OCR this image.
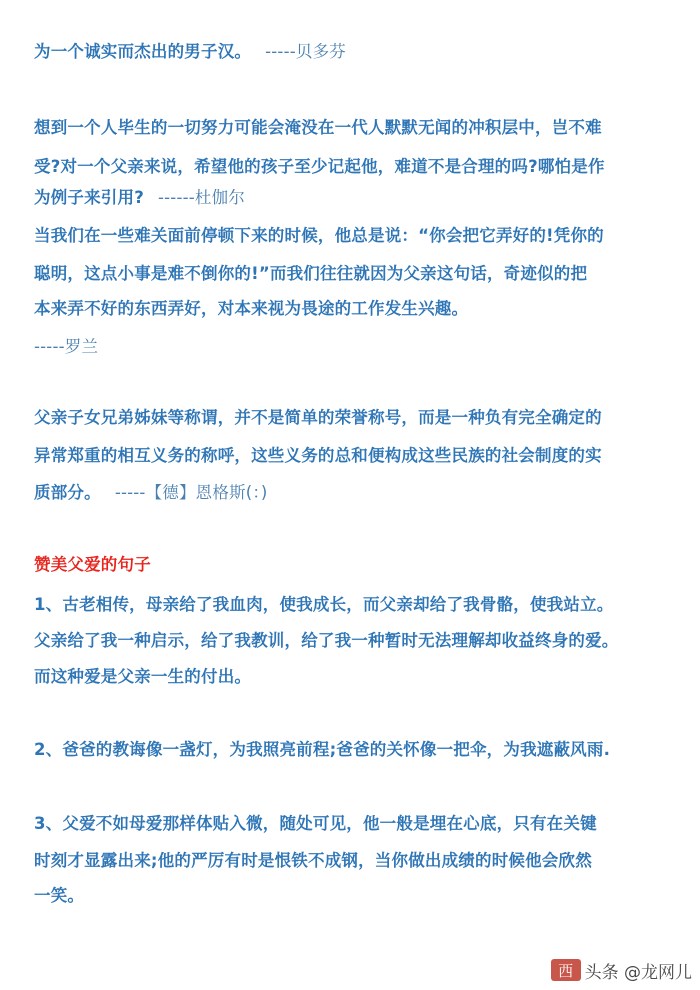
为一个诚实而杰出的男子汉。 -----贝多芬
想到一个人毕生的一切努力可能会淹没在一代人默默无闻的冲积层中，岂不难
受?对一个父亲来说，希望他的孩子至少记起他，难道不是合理的吗?哪怕是作
为例子来引用? ------杜伽尔
当我们在一些难关面前停顿下来的时候，他总是说：“你会把它弄好的!凭你的
聪明，这点小事是难不倒你的!”而我们往往就因为父亲这句话，奇迹似的把
本来弄不好的东西弄好，对本来视为畏途的工作发生兴趣。
-----罗兰
父亲子女兄弟姊妹等称谓，并不是简单的荣誉称号，而是一种负有完全确定的
异常郑重的相互义务的称呼，这些义务的总和便构成这些民族的社会制度的实
质部分。 -----【德】恩格斯(：)
赞美父爱的句子
1、古老相传，母亲给了我血肉，使我成长，而父亲却给了我骨骼，使我站立。
父亲给了我一种启示，给了我教训，给了我一种暂时无法理解却收益终身的爱。
而这种爱是父亲一生的付出。
2、爸爸的教诲像一盏灯，为我照亮前程;爸爸的关怀像一把伞，为我遮蔽风雨.
3、父爱不如母爱那样体贴入微，随处可见，他一般是埋在心底，只有在关键
时刻才显露出来;他的严厉有时是恨铁不成钢，当你做出成绩的时候他会欣然
一笑。
西 头条 @龙网儿
